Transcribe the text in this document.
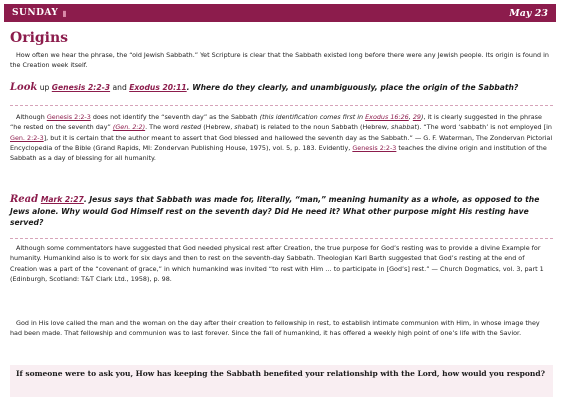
SUNDAY ▮	May 23
Origins

How often we hear the phrase, the “old Jewish Sabbath.” Yet Scripture is clear that the Sabbath existed long before there were any Jewish people. Its origin is found in the Creation week itself.

Look up Genesis 2:2-3 and Exodus 20:11. Where do they clearly, and unambiguously, place the origin of the Sabbath?

Although Genesis 2:2-3 does not identify the “seventh day” as the Sabbath (this identification comes first in Exodus 16:26, 29), it is clearly suggested in the phrase “he rested on the seventh day” (Gen. 2:2). The word rested (Hebrew, shabat) is related to the noun Sabbath (Hebrew, shabbat). “The word ‘sabbath’ is not employed [in Gen. 2:2-3], but it is certain that the author meant to assert that God blessed and hallowed the seventh day as the Sabbath.” — G. F. Waterman, The Zondervan Pictorial Encyclopedia of the Bible (Grand Rapids, MI: Zondervan Publishing House, 1975), vol. 5, p. 183. Evidently, Genesis 2:2-3 teaches the divine origin and institution of the Sabbath as a day of blessing for all humanity.

Read Mark 2:27. Jesus says that Sabbath was made for, literally, “man,” meaning humanity as a whole, as opposed to the Jews alone. Why would God Himself rest on the seventh day? Did He need it? What other purpose might His resting have served?

Although some commentators have suggested that God needed physical rest after Creation, the true purpose for God’s resting was to provide a divine Example for humanity. Humankind also is to work for six days and then to rest on the seventh-day Sabbath. Theologian Karl Barth suggested that God’s resting at the end of Creation was a part of the “covenant of grace,” in which humankind was invited “to rest with Him … to participate in [God’s] rest.” — Church Dogmatics, vol. 3, part 1 (Edinburgh, Scotland: T&T Clark Ltd., 1958), p. 98.

God in His love called the man and the woman on the day after their creation to fellowship in rest, to establish intimate communion with Him, in whose image they had been made. That fellowship and communion was to last forever. Since the fall of humankind, it has offered a weekly high point of one’s life with the Savior.

If someone were to ask you, How has keeping the Sabbath benefited your relationship with the Lord, how would you respond?
